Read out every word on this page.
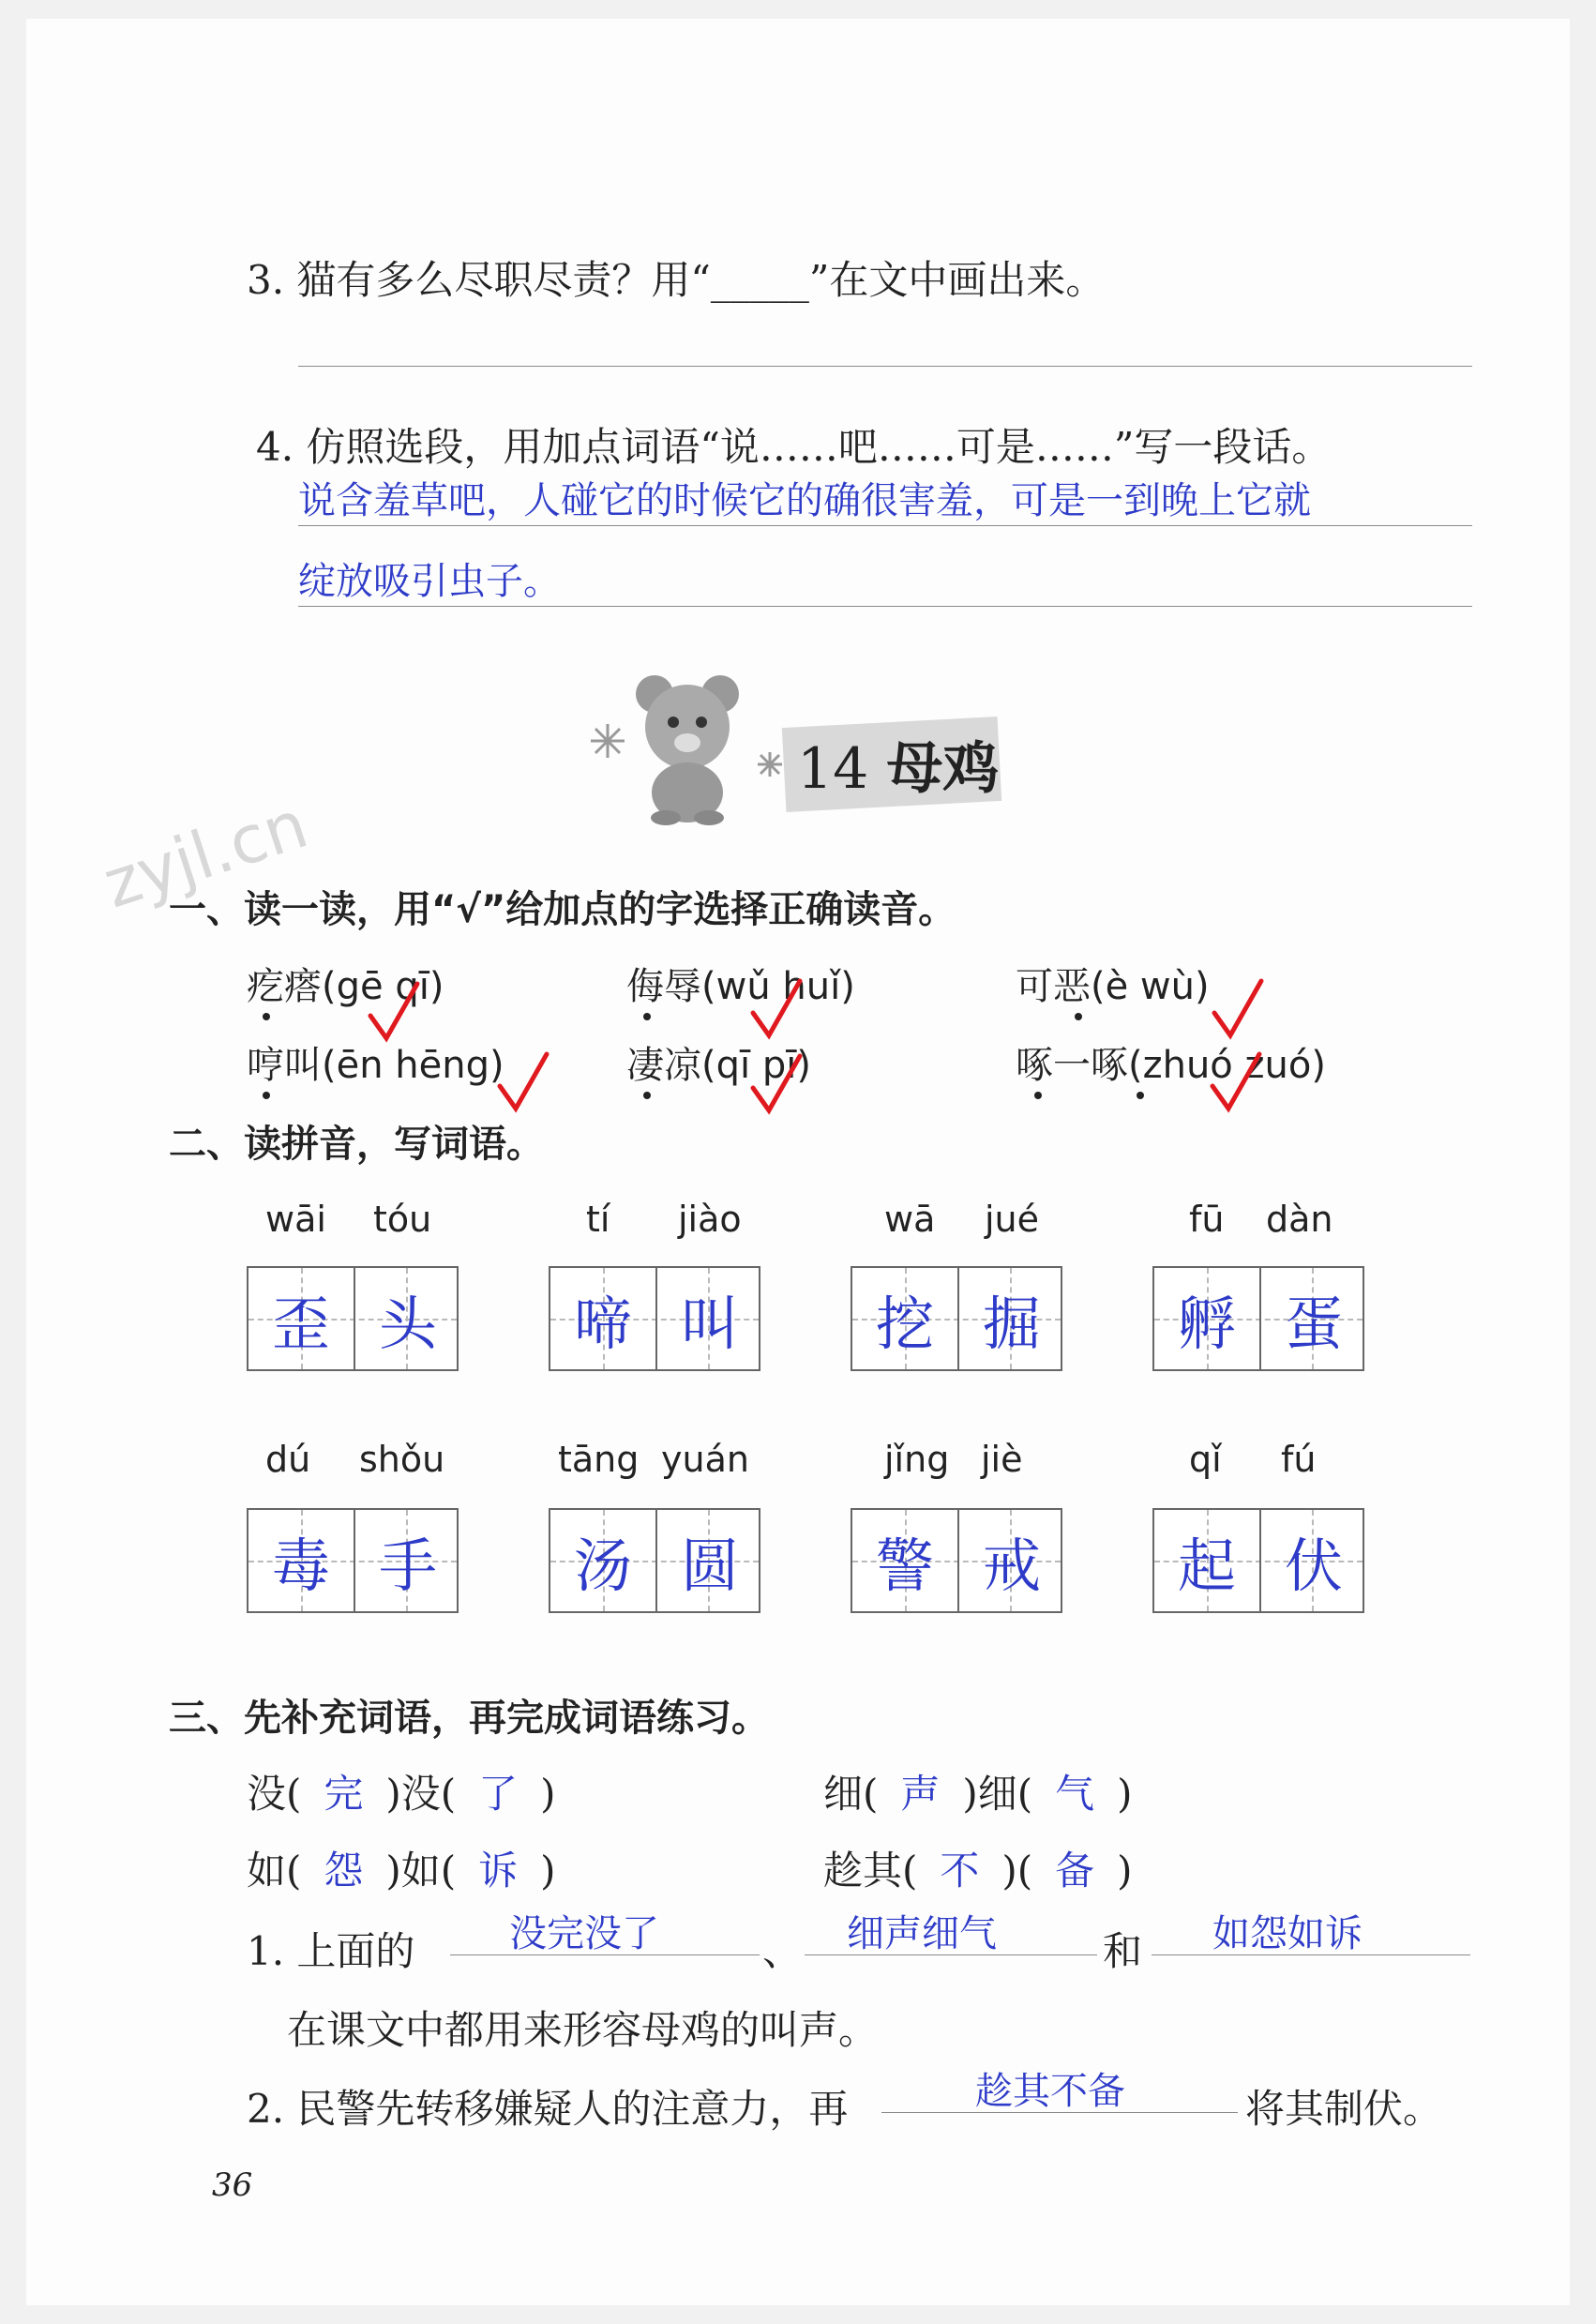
3. 猫有多么尽职尽责？用“_____”在文中画出来。
4. 仿照选段，用加点词语“说……吧……可是……”写一段话。
说含羞草吧，人碰它的时候它的确很害羞，可是一到晚上它就
绽放吸引虫子。
14 母鸡
zyjl.cn
一、读一读，用“√”给加点的字选择正确读音。
疙瘩(gē qī)	侮辱(wǔ huǐ)	可恶(è wù)
哼叫(ēn hēng)	凄凉(qī pī)	啄一啄(zhuó zuó)
二、读拼音，写词语。
wāi tóu
歪 头
tí jiào
啼 叫
wā jué
挖 掘
fū dàn
孵 蛋
dú shǒu
毒 手
tāng yuán
汤 圆
jǐng jiè
警 戒
qǐ fú
起 伏
三、先补充词语，再完成词语练习。
没( 完 )没( 了 )	细( 声 )细( 气 )
如( 怨 )如( 诉 )	趁其( 不 )( 备 )
1. 上面的	没完没了	、 细声细气	和 如怨如诉
在课文中都用来形容母鸡的叫声。
2. 民警先转移嫌疑人的注意力，再	趁其不备	将其制伏。
36
